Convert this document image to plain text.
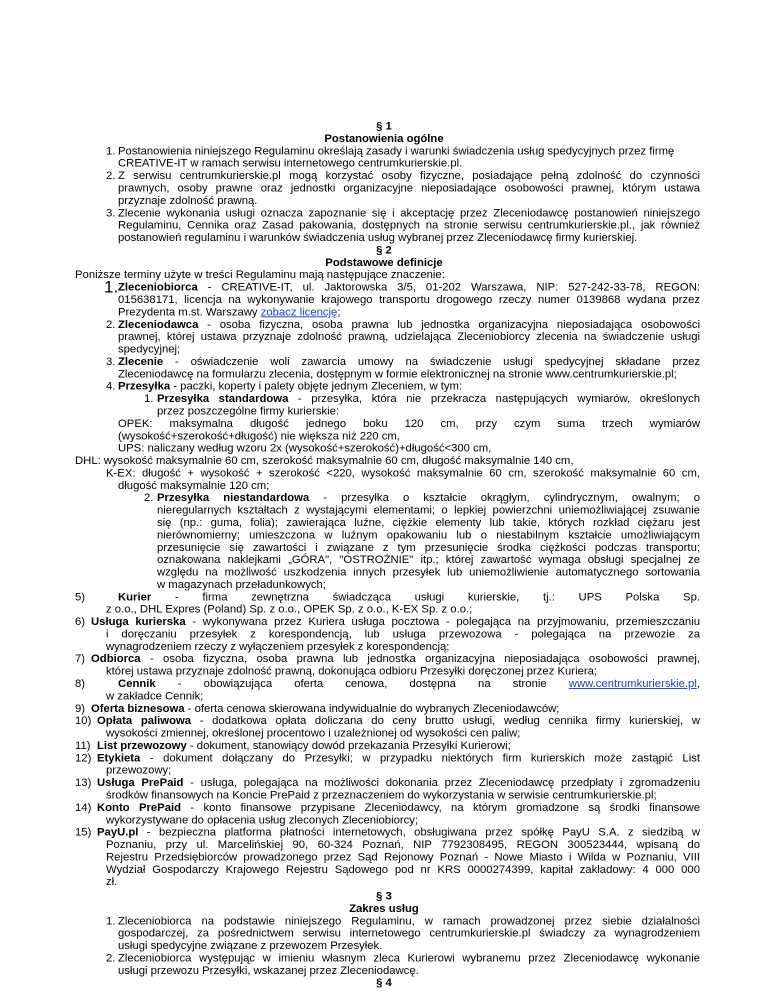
§ 1
Postanowienia ogólne
1. Postanowienia niniejszego Regulaminu określają zasady i warunki świadczenia usług spedycyjnych przez firmę
CREATIVE-IT w ramach serwisu internetowego centrumkurierskie.pl.
2. Z serwisu centrumkurierskie.pl mogą korzystać osoby fizyczne, posiadające pełną zdolność do czynności
prawnych, osoby prawne oraz jednostki organizacyjne nieposiadające osobowości prawnej, którym ustawa
przyznaje zdolność prawną.
3. Zlecenie wykonania usługi oznacza zapoznanie się i akceptację przez Zleceniodawcę postanowień niniejszego
Regulaminu, Cennika oraz Zasad pakowania, dostępnych na stronie serwisu centrumkurierskie.pl., jak również
postanowień regulaminu i warunków świadczenia usług wybranej przez Zleceniodawcę firmy kurierskiej.
§ 2
Podstawowe definicje
Poniższe terminy użyte w treści Regulaminu mają następujące znaczenie:
1. Zleceniobiorca - CREATIVE-IT, ul. Jaktorowska 3/5, 01-202 Warszawa, NIP: 527-242-33-78, REGON:
015638171, licencja na wykonywanie krajowego transportu drogowego rzeczy numer 0139868 wydana przez
Prezydenta m.st. Warszawy zobacz licencję;
2. Zleceniodawca - osoba fizyczna, osoba prawna lub jednostka organizacyjna nieposiadająca osobowości
prawnej, której ustawa przyznaje zdolność prawną, udzielająca Zleceniobiorcy zlecenia na świadczenie usługi
spedycyjnej;
3. Zlecenie - oświadczenie woli zawarcia umowy na świadczenie usługi spedycyjnej składane przez
Zleceniodawcę na formularzu zlecenia, dostępnym w formie elektronicznej na stronie www.centrumkurierskie.pl;
4. Przesyłka - paczki, koperty i palety objęte jednym Zleceniem, w tym:
1. Przesyłka standardowa - przesyłka, która nie przekracza następujących wymiarów, określonych
przez poszczególne firmy kurierskie:
OPEK: maksymalna długość jednego boku 120 cm, przy czym suma trzech wymiarów
(wysokość+szerokość+długość) nie większa niż 220 cm,
UPS: naliczany według wzoru 2x (wysokość+szerokość)+długość<300 cm,
DHL: wysokość maksymalnie 60 cm, szerokość maksymalnie 60 cm, długość maksymalnie 140 cm,
K-EX: długość + wysokość + szerokość <220, wysokość maksymalnie 60 cm, szerokość maksymalnie 60 cm,
długość maksymalnie 120 cm;
2. Przesyłka niestandardowa - przesyłka o kształcie okrągłym, cylindrycznym, owalnym; o
nieregularnych kształtach z wystającymi elementami; o lepkiej powierzchni uniemożliwiającej zsuwanie
się (np.: guma, folia); zawierająca luźne, ciężkie elementy lub takie, których rozkład ciężaru jest
nierównomierny; umieszczona w luźnym opakowaniu lub o niestabilnym kształcie umożliwiającym
przesunięcie się zawartości i związane z tym przesunięcie środka ciężkości podczas transportu;
oznakowana naklejkami „GÓRA", "OSTROŻNIE" itp.; której zawartość wymaga obsługi specjalnej ze
względu na możliwość uszkodzenia innych przesyłek lub uniemożliwienie automatycznego sortowania
w magazynach przeładunkowych;
5)	Kurier - firma zewnętrzna świadcząca usługi kurierskie, tj.: UPS Polska Sp.
z o.o., DHL Expres (Poland) Sp. z o.o., OPEK Sp. z o.o., K-EX Sp. z o.o.;
6) Usługa kurierska - wykonywana przez Kuriera usługa pocztowa - polegająca na przyjmowaniu, przemieszczaniu
i doręczaniu przesyłek z korespondencją, lub usługa przewozowa - polegająca na przewozie za
wynagrodzeniem rzeczy z wyłączeniem przesyłek z korespondencją;
7) Odbiorca - osoba fizyczna, osoba prawna lub jednostka organizacyjna nieposiadająca osobowości prawnej,
której ustawa przyznaje zdolność prawną, dokonująca odbioru Przesyłki doręczonej przez Kuriera;
8)	Cennik - obowiązująca oferta cenowa, dostępna na stronie www.centrumkurierskie.pl,
w zakładce Cennik;
9) Oferta biznesowa - oferta cenowa skierowana indywidualnie do wybranych Zleceniodawców;
10) Opłata paliwowa - dodatkowa opłata doliczana do ceny brutto usługi, według cennika firmy kurierskiej, w
wysokości zmiennej, określonej procentowo i uzależnionej od wysokości cen paliw;
11) List przewozowy - dokument, stanowiący dowód przekazania Przesyłki Kurierowi;
12) Etykieta - dokument dołączany do Przesyłki; w przypadku niektórych firm kurierskich może zastąpić List
przewozowy;
13) Usługa PrePaid - usługa, polegająca na możliwości dokonania przez Zleceniodawcę przedpłaty i zgromadzeniu
środków finansowych na Koncie PrePaid z przeznaczeniem do wykorzystania w serwisie centrumkurierskie.pl;
14) Konto PrePaid - konto finansowe przypisane Zleceniodawcy, na którym gromadzone są środki finansowe
wykorzystywane do opłacenia usług zleconych Zleceniobiorcy;
15) PayU.pl - bezpieczna platforma płatności internetowych, obsługiwana przez spółkę PayU S.A. z siedzibą w
Poznaniu, przy ul. Marcelińskiej 90, 60-324 Poznań, NIP 7792308495, REGON 300523444, wpisaną do
Rejestru Przedsiębiorców prowadzonego przez Sąd Rejonowy Poznań - Nowe Miasto i Wilda w Poznaniu, VIII
Wydział Gospodarczy Krajowego Rejestru Sądowego pod nr KRS 0000274399, kapitał zakładowy: 4 000 000
zł.
§ 3
Zakres usług
1. Zleceniobiorca na podstawie niniejszego Regulaminu, w ramach prowadzonej przez siebie działalności
gospodarczej, za pośrednictwem serwisu internetowego centrumkurierskie.pl świadczy za wynagrodzeniem
usługi spedycyjne związane z przewozem Przesyłek.
2. Zleceniobiorca występując w imieniu własnym zleca Kurierowi wybranemu przez Zleceniodawcę wykonanie
usługi przewozu Przesyłki, wskazanej przez Zleceniodawcę.
§ 4
